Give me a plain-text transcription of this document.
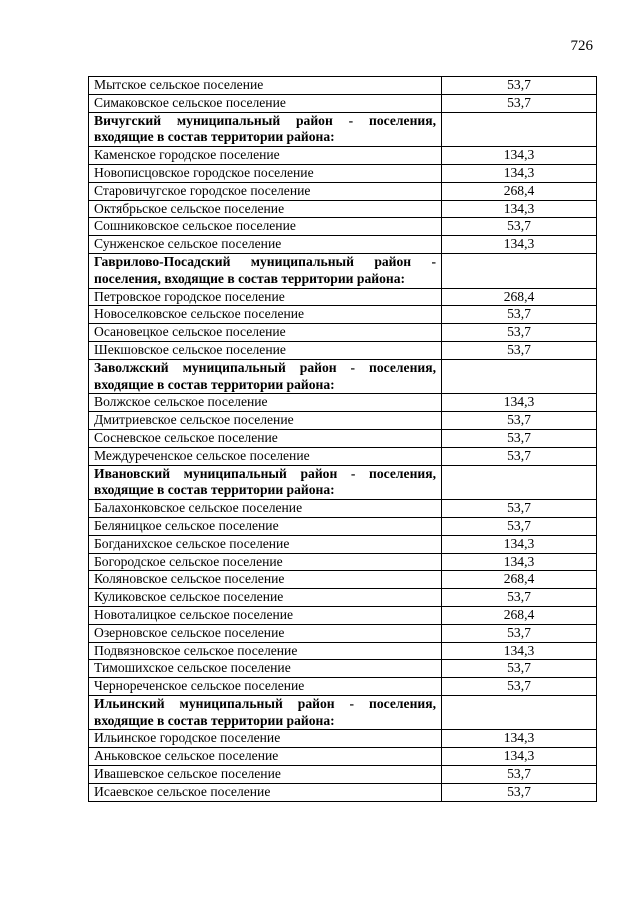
726
Мытское сельское поселение	53,7
Симаковское сельское поселение	53,7
Вичугский муниципальный район - поселения, входящие в состав территории района:	
Каменское городское поселение	134,3
Новописцовское городское поселение	134,3
Старовичугское городское поселение	268,4
Октябрьское сельское поселение	134,3
Сошниковское сельское поселение	53,7
Сунженское сельское поселение	134,3
Гаврилово-Посадский муниципальный район - поселения, входящие в состав территории района:	
Петровское городское поселение	268,4
Новоселковское сельское поселение	53,7
Осановецкое сельское поселение	53,7
Шекшовское сельское поселение	53,7
Заволжский муниципальный район - поселения, входящие в состав территории района:	
Волжское сельское поселение	134,3
Дмитриевское сельское поселение	53,7
Сосневское сельское поселение	53,7
Междуреченское сельское поселение	53,7
Ивановский муниципальный район - поселения, входящие в состав территории района:	
Балахонковское сельское поселение	53,7
Беляницкое сельское поселение	53,7
Богданихское сельское поселение	134,3
Богородское сельское поселение	134,3
Коляновское сельское поселение	268,4
Куликовское сельское поселение	53,7
Новоталицкое сельское поселение	268,4
Озерновское сельское поселение	53,7
Подвязновское сельское поселение	134,3
Тимошихское сельское поселение	53,7
Чернореченское сельское поселение	53,7
Ильинский муниципальный район - поселения, входящие в состав территории района:	
Ильинское городское поселение	134,3
Аньковское сельское поселение	134,3
Ивашевское сельское поселение	53,7
Исаевское сельское поселение	53,7
